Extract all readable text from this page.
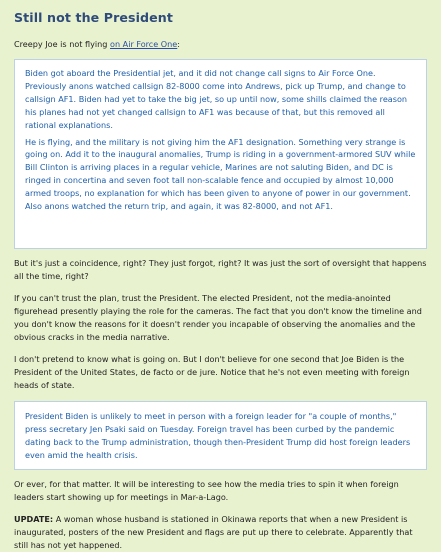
Still not the President

Creepy Joe is not flying on Air Force One:

Biden got aboard the Presidential jet, and it did not change call signs to Air Force One. Previously anons watched callsign 82-8000 come into Andrews, pick up Trump, and change to callsign AF1. Biden had yet to take the big jet, so up until now, some shills claimed the reason his planes had not yet changed callsign to AF1 was because of that, but this removed all rational explanations.

He is flying, and the military is not giving him the AF1 designation. Something very strange is going on. Add it to the inaugural anomalies, Trump is riding in a government-armored SUV while Bill Clinton is arriving places in a regular vehicle, Marines are not saluting Biden, and DC is ringed in concertina and seven foot tall non-scalable fence and occupied by almost 10,000 armed troops, no explanation for which has been given to anyone of power in our government. Also anons watched the return trip, and again, it was 82-8000, and not AF1.

But it's just a coincidence, right? They just forgot, right? It was just the sort of oversight that happens all the time, right?

If you can't trust the plan, trust the President. The elected President, not the media-anointed figurehead presently playing the role for the cameras. The fact that you don't know the timeline and you don't know the reasons for it doesn't render you incapable of observing the anomalies and the obvious cracks in the media narrative.

I don't pretend to know what is going on. But I don't believe for one second that Joe Biden is the President of the United States, de facto or de jure. Notice that he's not even meeting with foreign heads of state.

President Biden is unlikely to meet in person with a foreign leader for "a couple of months," press secretary Jen Psaki said on Tuesday. Foreign travel has been curbed by the pandemic dating back to the Trump administration, though then-President Trump did host foreign leaders even amid the health crisis.

Or ever, for that matter. It will be interesting to see how the media tries to spin it when foreign leaders start showing up for meetings in Mar-a-Lago.

UPDATE: A woman whose husband is stationed in Okinawa reports that when a new President is inaugurated, posters of the new President and flags are put up there to celebrate. Apparently that still has not yet happened.
